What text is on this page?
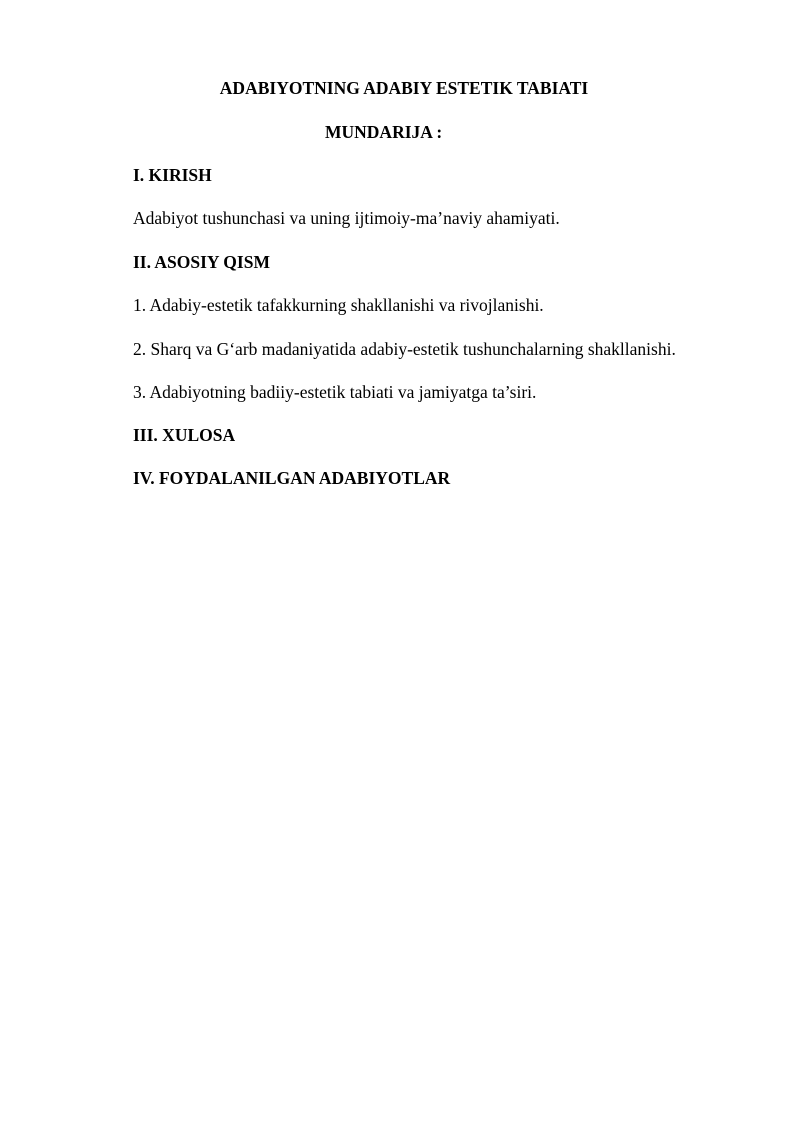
ADABIYOTNING ADABIY ESTETIK TABIATI

MUNDARIJA :

I. KIRISH

Adabiyot tushunchasi va uning ijtimoiy-ma’naviy ahamiyati.

II. ASOSIY QISM

1. Adabiy-estetik tafakkurning shakllanishi va rivojlanishi.

2. Sharq va G‘arb madaniyatida adabiy-estetik tushunchalarning shakllanishi.

3. Adabiyotning badiiy-estetik tabiati va jamiyatga ta’siri.

III. XULOSA

IV. FOYDALANILGAN ADABIYOTLAR
